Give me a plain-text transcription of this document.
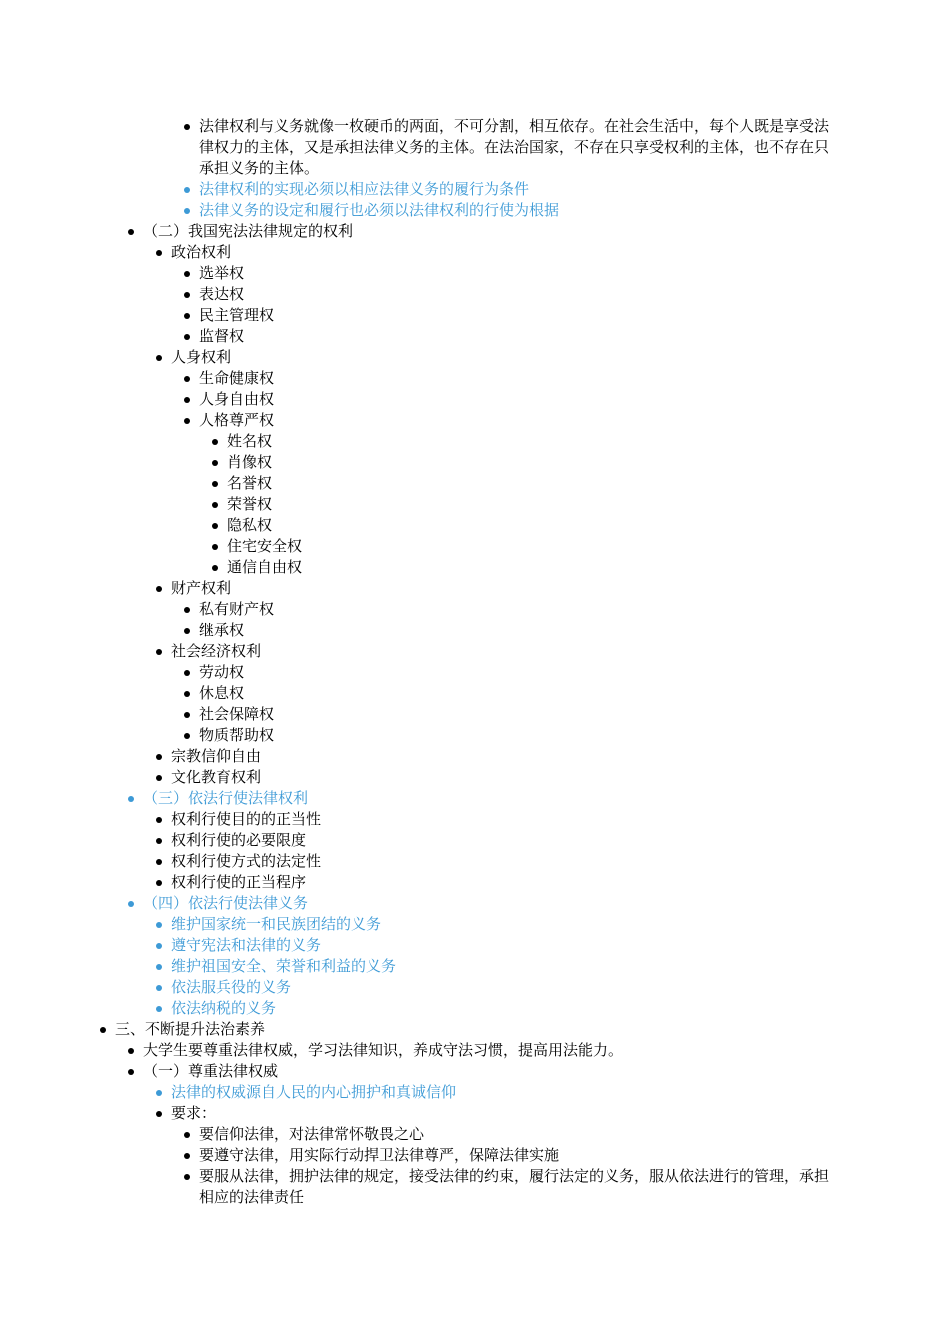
法律权利与义务就像一枚硬币的两面，不可分割，相互依存。在社会生活中，每个人既是享受法律权力的主体，又是承担法律义务的主体。在法治国家，不存在只享受权利的主体，也不存在只承担义务的主体。
法律权利的实现必须以相应法律义务的履行为条件
法律义务的设定和履行也必须以法律权利的行使为根据
（二）我国宪法法律规定的权利
政治权利
选举权
表达权
民主管理权
监督权
人身权利
生命健康权
人身自由权
人格尊严权
姓名权
肖像权
名誉权
荣誉权
隐私权
住宅安全权
通信自由权
财产权利
私有财产权
继承权
社会经济权利
劳动权
休息权
社会保障权
物质帮助权
宗教信仰自由
文化教育权利
（三）依法行使法律权利
权利行使目的的正当性
权利行使的必要限度
权利行使方式的法定性
权利行使的正当程序
（四）依法行使法律义务
维护国家统一和民族团结的义务
遵守宪法和法律的义务
维护祖国安全、荣誉和利益的义务
依法服兵役的义务
依法纳税的义务
三、不断提升法治素养
大学生要尊重法律权威，学习法律知识，养成守法习惯，提高用法能力。
（一）尊重法律权威
法律的权威源自人民的内心拥护和真诚信仰
要求：
要信仰法律，对法律常怀敬畏之心
要遵守法律，用实际行动捍卫法律尊严，保障法律实施
要服从法律，拥护法律的规定，接受法律的约束，履行法定的义务，服从依法进行的管理，承担相应的法律责任
